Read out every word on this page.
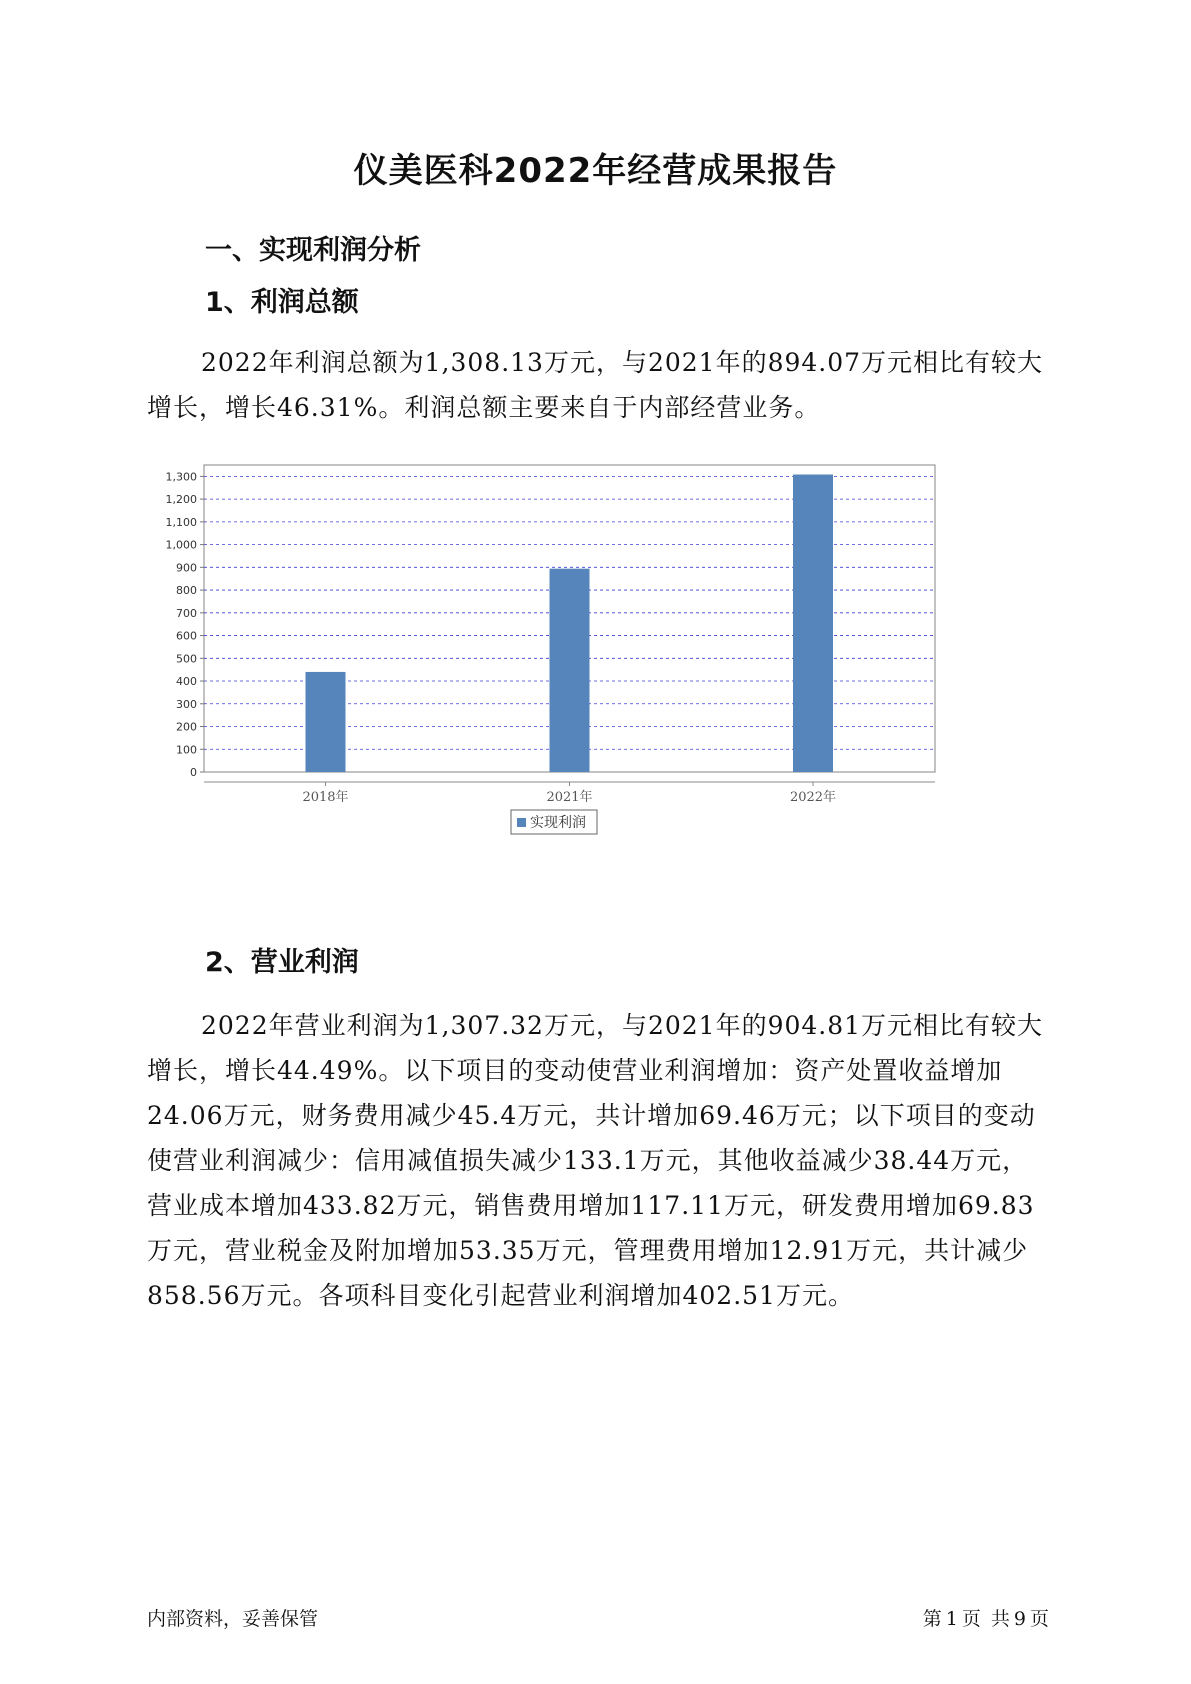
仪美医科2022年经营成果报告
一、实现利润分析
1、利润总额

2022年利润总额为1,308.13万元，与2021年的894.07万元相比有较大增长，增长46.31%。利润总额主要来自于内部经营业务。

0
100
200
300
400
500
600
700
800
900
1,000
1,100
1,200
1,300
2018年	2021年	2022年
实现利润
2、营业利润

2022年营业利润为1,307.32万元，与2021年的904.81万元相比有较大增长，增长44.49%。以下项目的变动使营业利润增加：资产处置收益增加24.06万元，财务费用减少45.4万元，共计增加69.46万元；以下项目的变动使营业利润减少：信用减值损失减少133.1万元，其他收益减少38.44万元，营业成本增加433.82万元，销售费用增加117.11万元，研发费用增加69.83万元，营业税金及附加增加53.35万元，管理费用增加12.91万元，共计减少858.56万元。各项科目变化引起营业利润增加402.51万元。

内部资料，妥善保管	第 1 页 共 9 页
